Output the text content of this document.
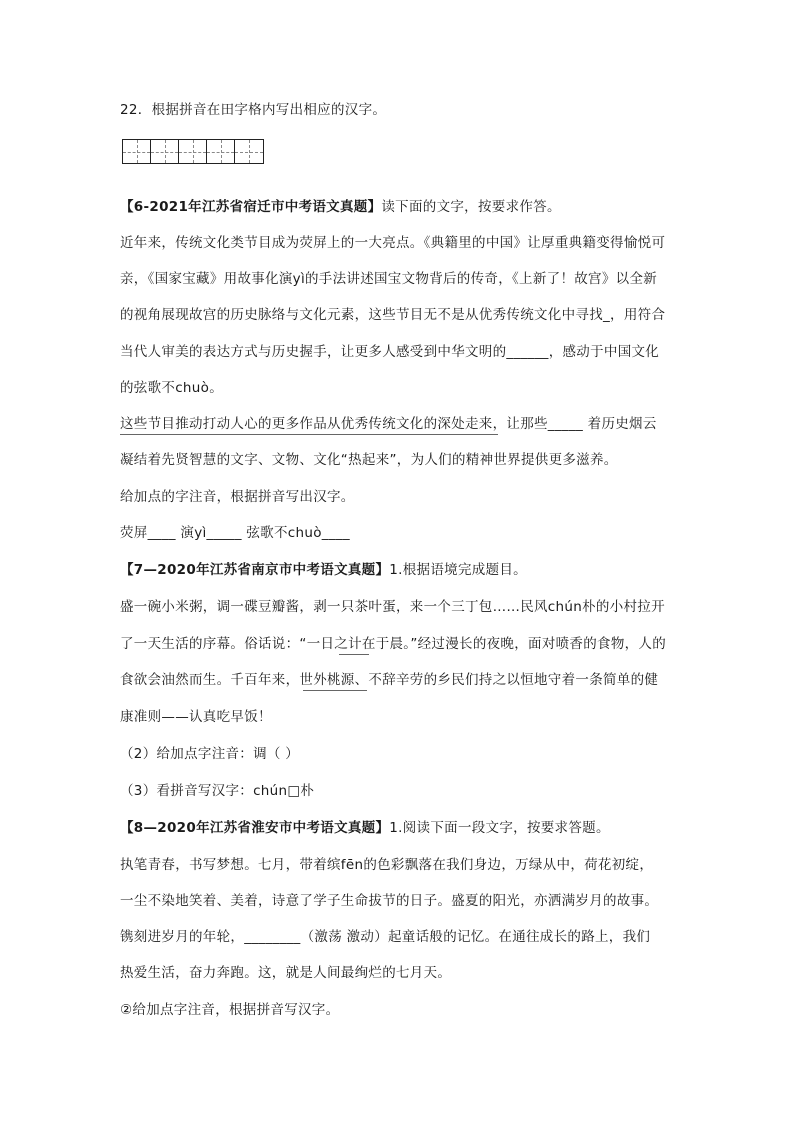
22．根据拼音在田字格内写出相应的汉字。
【6-2021年江苏省宿迁市中考语文真题】读下面的文字，按要求作答。
近年来，传统文化类节目成为荧屏上的一大亮点。《典籍里的中国》让厚重典籍变得愉悦可
亲，《国家宝藏》用故事化演yì的手法讲述国宝文物背后的传奇，《上新了！故宫》以全新
的视角展现故宫的历史脉络与文化元素，这些节目无不是从优秀传统文化中寻找_，用符合
当代人审美的表达方式与历史握手，让更多人感受到中华文明的______，感动于中国文化
的弦歌不chuò。
这些节目推动打动人心的更多作品从优秀传统文化的深处走来，让那些_____ 着历史烟云
凝结着先贤智慧的文字、文物、文化“热起来”，为人们的精神世界提供更多滋养。
给加点的字注音，根据拼音写出汉字。
荧屏____ 演yì_____ 弦歌不chuò____
【7—2020年江苏省南京市中考语文真题】1.根据语境完成题目。
盛一碗小米粥，调一碟豆瓣酱，剥一只茶叶蛋，来一个三丁包……民风chún朴的小村拉开
了一天生活的序幕。俗话说：“一日之计在于晨。”经过漫长的夜晚，面对喷香的食物，人的
食欲会油然而生。千百年来，世外桃源、不辞辛劳的乡民们持之以恒地守着一条简单的健
康准则——认真吃早饭！
（2）给加点字注音：调（ ）
（3）看拼音写汉字：chún□朴
【8—2020年江苏省淮安市中考语文真题】1.阅读下面一段文字，按要求答题。
执笔青春，书写梦想。七月，带着缤fēn的色彩飘落在我们身边，万绿从中，荷花初绽，
一尘不染地笑着、美着，诗意了学子生命拔节的日子。盛夏的阳光，亦洒满岁月的故事。
镌刻进岁月的年轮，________（激荡 激动）起童话般的记忆。在通往成长的路上，我们
热爱生活，奋力奔跑。这，就是人间最绚烂的七月天。
②给加点字注音，根据拼音写汉字。
